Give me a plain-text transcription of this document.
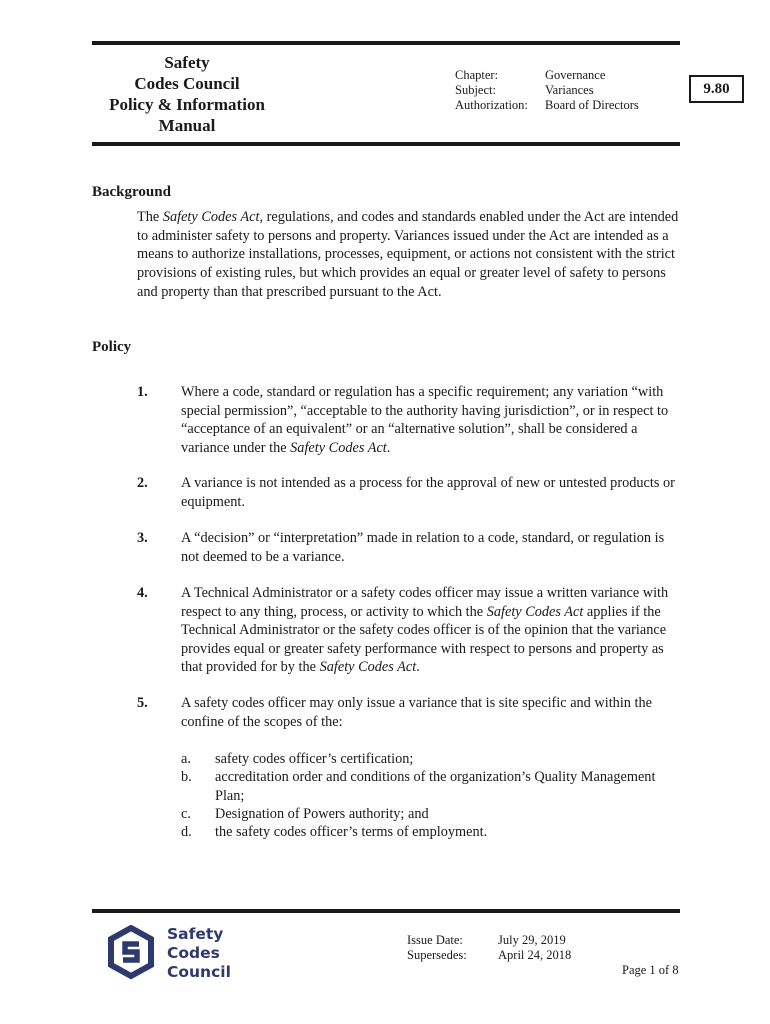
Safety
Codes Council
Policy & Information
Manual
Chapter:
Subject:
Authorization:
Governance
Variances
Board of Directors
9.80
Background
The Safety Codes Act, regulations, and codes and standards enabled under the Act are intended to administer safety to persons and property. Variances issued under the Act are intended as a means to authorize installations, processes, equipment, or actions not consistent with the strict provisions of existing rules, but which provides an equal or greater level of safety to persons and property than that prescribed pursuant to the Act.
Policy
1. Where a code, standard or regulation has a specific requirement; any variation “with special permission”, “acceptable to the authority having jurisdiction”, or in respect to “acceptance of an equivalent” or an “alternative solution”, shall be considered a variance under the Safety Codes Act.
2. A variance is not intended as a process for the approval of new or untested products or equipment.
3. A “decision” or “interpretation” made in relation to a code, standard, or regulation is not deemed to be a variance.
4. A Technical Administrator or a safety codes officer may issue a written variance with respect to any thing, process, or activity to which the Safety Codes Act applies if the Technical Administrator or the safety codes officer is of the opinion that the variance provides equal or greater safety performance with respect to persons and property as that provided for by the Safety Codes Act.
5. A safety codes officer may only issue a variance that is site specific and within the confine of the scopes of the:
a. safety codes officer’s certification;
b. accreditation order and conditions of the organization’s Quality Management Plan;
c. Designation of Powers authority; and
d. the safety codes officer’s terms of employment.
Safety
Codes
Council
Issue Date:
Supersedes:
July 29, 2019
April 24, 2018
Page 1 of 8
